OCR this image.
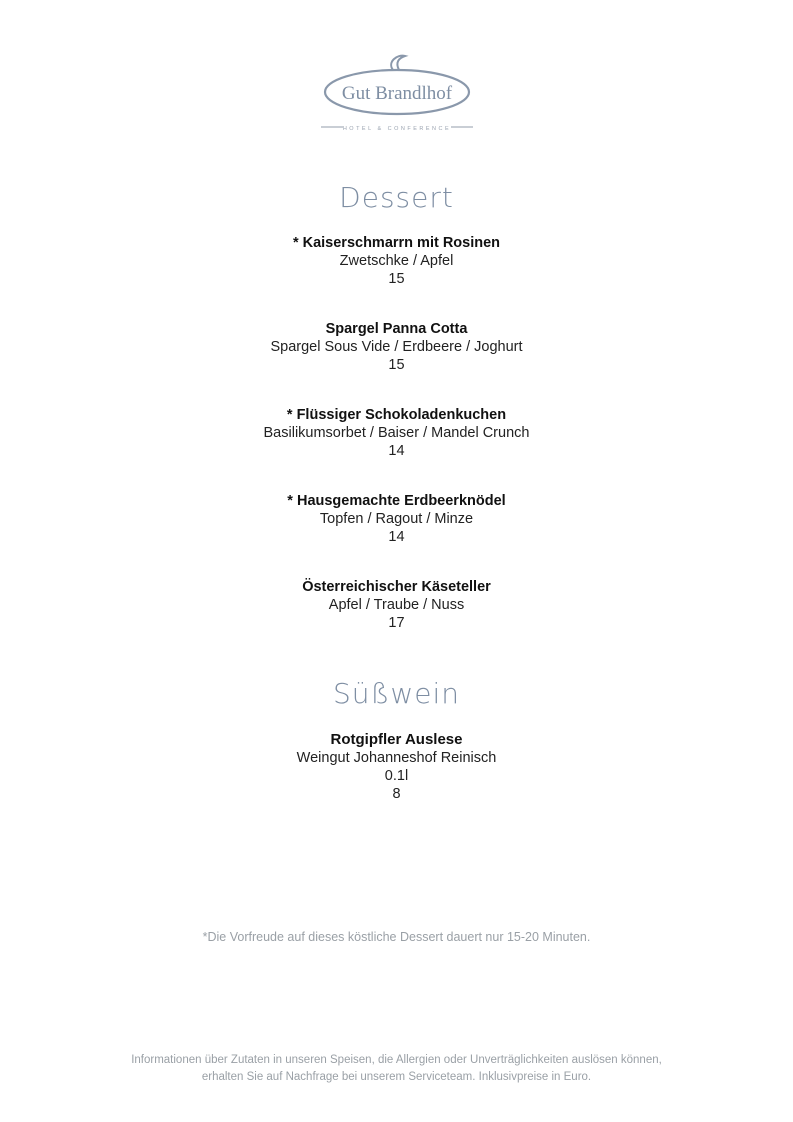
Gut Brandlhof
HOTEL & CONFERENCE
Dessert
* Kaiserschmarrn mit Rosinen
Zwetschke / Apfel
15
Spargel Panna Cotta
Spargel Sous Vide / Erdbeere / Joghurt
15
* Flüssiger Schokoladenkuchen
Basilikumsorbet / Baiser / Mandel Crunch
14
* Hausgemachte Erdbeerknödel
Topfen / Ragout / Minze
14
Österreichischer Käseteller
Apfel / Traube / Nuss
17
Süßwein
Rotgipfler Auslese
Weingut Johanneshof Reinisch
0.1l
8
*Die Vorfreude auf dieses köstliche Dessert dauert nur 15-20 Minuten.
Informationen über Zutaten in unseren Speisen, die Allergien oder Unverträglichkeiten auslösen können,
erhalten Sie auf Nachfrage bei unserem Serviceteam. Inklusivpreise in Euro.
